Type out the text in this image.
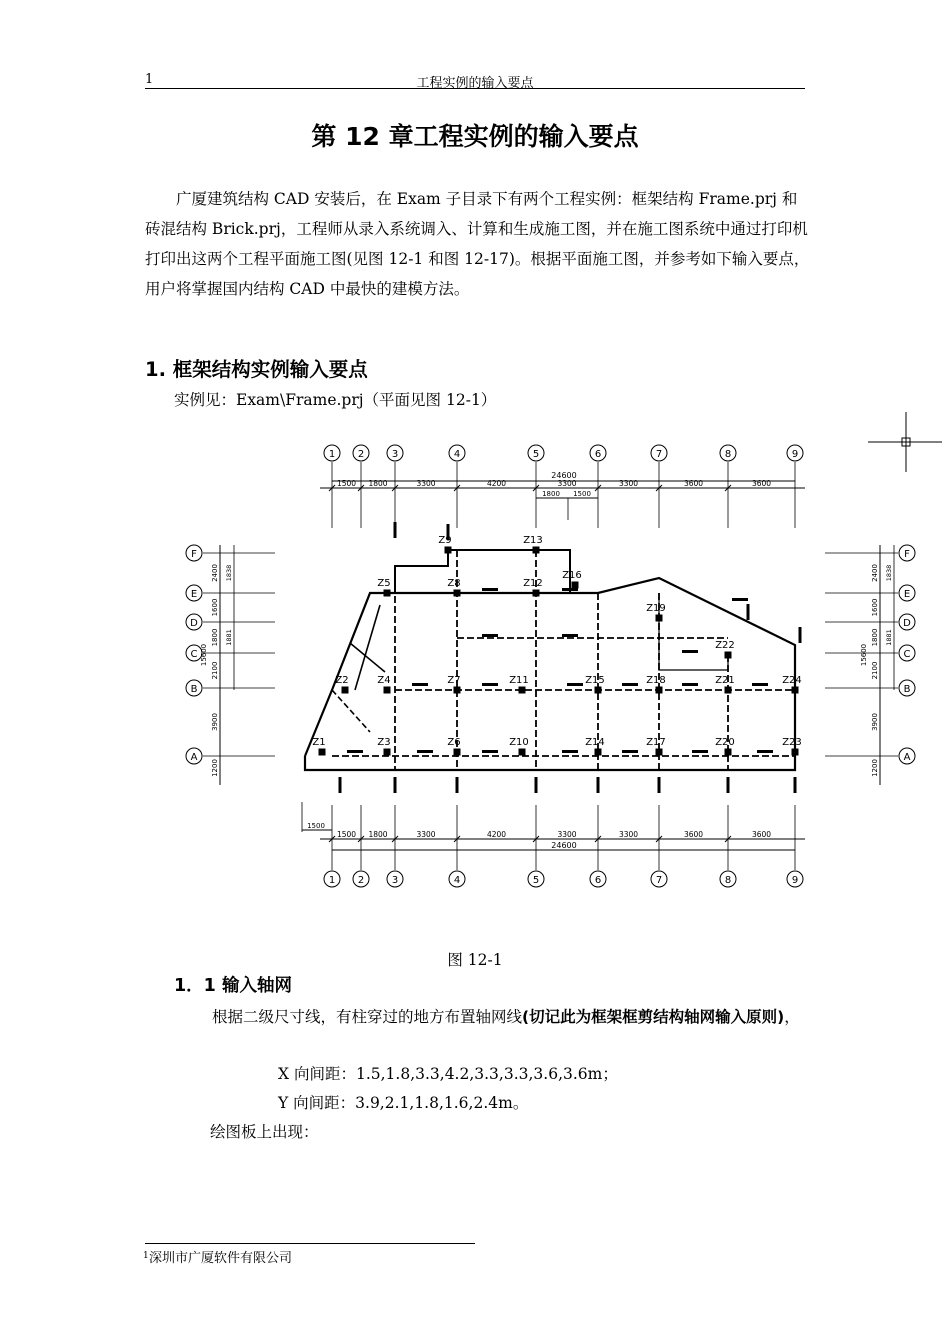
1	工程实例的输入要点
第 12 章工程实例的输入要点
广厦建筑结构 CAD 安装后，在 Exam 子目录下有两个工程实例：框架结构 Frame.prj 和砖混结构 Brick.prj，工程师从录入系统调入、计算和生成施工图，并在施工图系统中通过打印机打印出这两个工程平面施工图(见图 12-1 和图 12-17)。根据平面施工图，并参考如下输入要点，用户将掌握国内结构 CAD 中最快的建模方法。
1. 框架结构实例输入要点
实例见：Exam\Frame.prj（平面见图 12-1）
1
1
2
2
3
3
4
4
5
5
6
6
7
7
8
8
9
9
F	F
E	E
D	D
C	C
B	B
A	A
24600
1500 1800	3300	4200	3300	3300	3600	3600
1800 1500
1500 1800	3300	4200	3300	3300	3600	3600
24600
1500
2400
1600
1800
2100
3900
1838
1881
1200
15600
2400
1600
1800
2100
3900
1838
1881
1200
15600
Z1
Z2
Z3
Z4
Z5
Z6
Z7
Z8
Z9
Z10
Z11
Z12
Z13
Z14
Z15
Z16
Z17
Z18
Z19
Z20
Z21
Z22
Z23
Z24
图 12-1
1．1 输入轴网
根据二级尺寸线，有柱穿过的地方布置轴网线(切记此为框架框剪结构轴网输入原则)，
X 向间距：1.5,1.8,3.3,4.2,3.3,3.3,3.6,3.6m；
Y 向间距：3.9,2.1,1.8,1.6,2.4m。
绘图板上出现：
1 深圳市广厦软件有限公司
